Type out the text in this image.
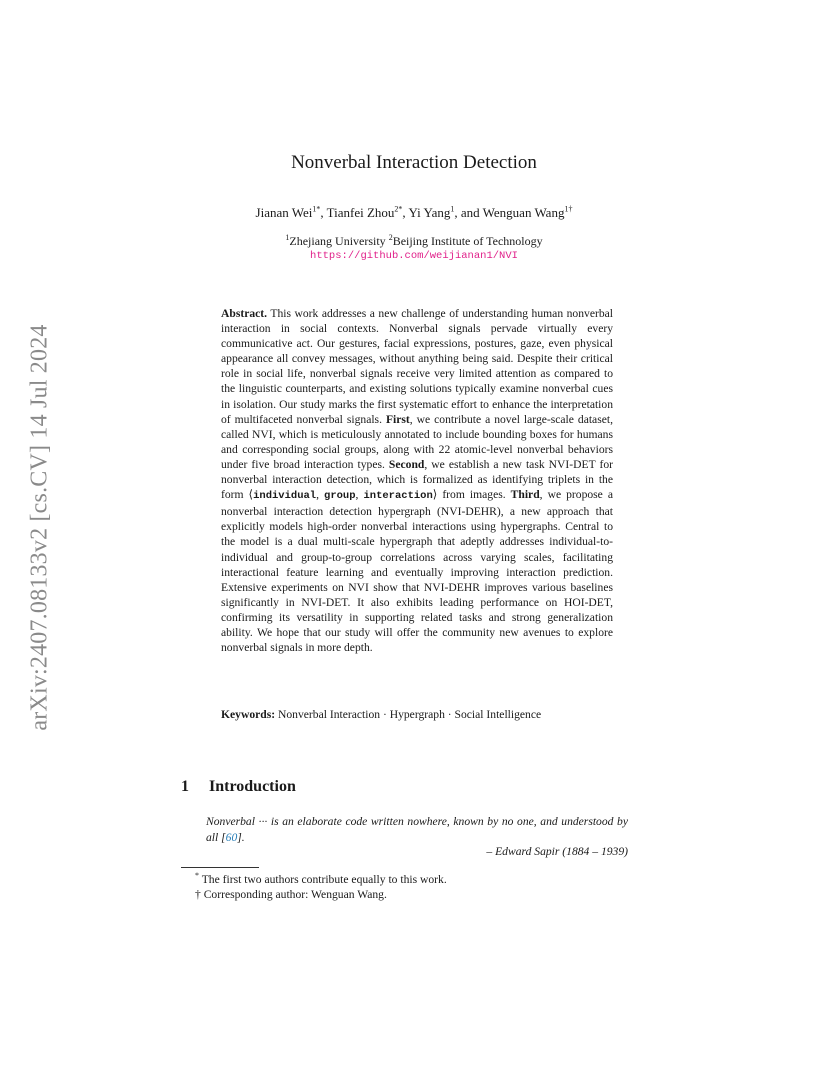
arXiv:2407.08133v2 [cs.CV] 14 Jul 2024
Nonverbal Interaction Detection
Jianan Wei$^{1*}$, Tianfei Zhou$^{2*}$, Yi Yang$^1$, and Wenguan Wang$^{1\dagger}$
$^1$Zhejiang University $^2$Beijing Institute of Technology
https://github.com/weijianan1/NVI
Abstract. This work addresses a new challenge of understanding human nonverbal interaction in social contexts. Nonverbal signals pervade virtually every communicative act. Our gestures, facial expressions, postures, gaze, even physical appearance all convey messages, without anything being said. Despite their critical role in social life, nonverbal signals receive very limited attention as compared to the linguistic counterparts, and existing solutions typically examine nonverbal cues in isolation. Our study marks the first systematic effort to enhance the interpretation of multifaceted nonverbal signals. First, we contribute a novel large-scale dataset, called NVI, which is meticulously annotated to include bounding boxes for humans and corresponding social groups, along with 22 atomic-level nonverbal behaviors under five broad interaction types. Second, we establish a new task NVI-DET for nonverbal interaction detection, which is formalized as identifying triplets in the form ⟨individual, group, interaction⟩ from images. Third, we propose a nonverbal interaction detection hypergraph (NVI-DEHR), a new approach that explicitly models high-order nonverbal interactions using hypergraphs. Central to the model is a dual multi-scale hypergraph that adeptly addresses individual-to-individual and group-to-group correlations across varying scales, facilitating interactional feature learning and eventually improving interaction prediction. Extensive experiments on NVI show that NVI-DEHR improves various baselines significantly in NVI-DET. It also exhibits leading performance on HOI-DET, confirming its versatility in supporting related tasks and strong generalization ability. We hope that our study will offer the community new avenues to explore nonverbal signals in more depth.
Keywords: Nonverbal Interaction · Hypergraph · Social Intelligence
1 Introduction
Nonverbal ··· is an elaborate code written nowhere, known by no one, and understood by all [60].
– Edward Sapir (1884 – 1939)
* The first two authors contribute equally to this work.
† Corresponding author: Wenguan Wang.
